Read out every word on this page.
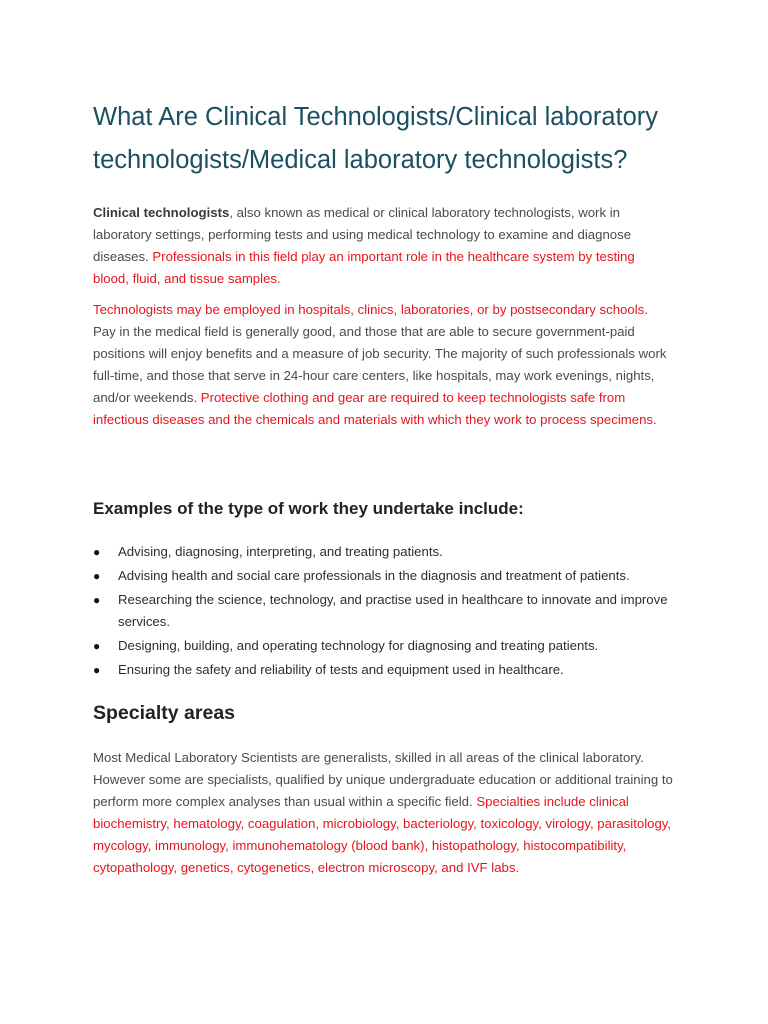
What Are Clinical Technologists/Clinical laboratory technologists/Medical laboratory technologists?

Clinical technologists, also known as medical or clinical laboratory technologists, work in laboratory settings, performing tests and using medical technology to examine and diagnose diseases. Professionals in this field play an important role in the healthcare system by testing blood, fluid, and tissue samples.

Technologists may be employed in hospitals, clinics, laboratories, or by postsecondary schools. Pay in the medical field is generally good, and those that are able to secure government-paid positions will enjoy benefits and a measure of job security. The majority of such professionals work full-time, and those that serve in 24-hour care centers, like hospitals, may work evenings, nights, and/or weekends. Protective clothing and gear are required to keep technologists safe from infectious diseases and the chemicals and materials with which they work to process specimens.

Examples of the type of work they undertake include:
● Advising, diagnosing, interpreting, and treating patients.
● Advising health and social care professionals in the diagnosis and treatment of patients.
● Researching the science, technology, and practise used in healthcare to innovate and improve services.
● Designing, building, and operating technology for diagnosing and treating patients.
● Ensuring the safety and reliability of tests and equipment used in healthcare.
Specialty areas

Most Medical Laboratory Scientists are generalists, skilled in all areas of the clinical laboratory. However some are specialists, qualified by unique undergraduate education or additional training to perform more complex analyses than usual within a specific field. Specialties include clinical biochemistry, hematology, coagulation, microbiology, bacteriology, toxicology, virology, parasitology, mycology, immunology, immunohematology (blood bank), histopathology, histocompatibility, cytopathology, genetics, cytogenetics, electron microscopy, and IVF labs.
